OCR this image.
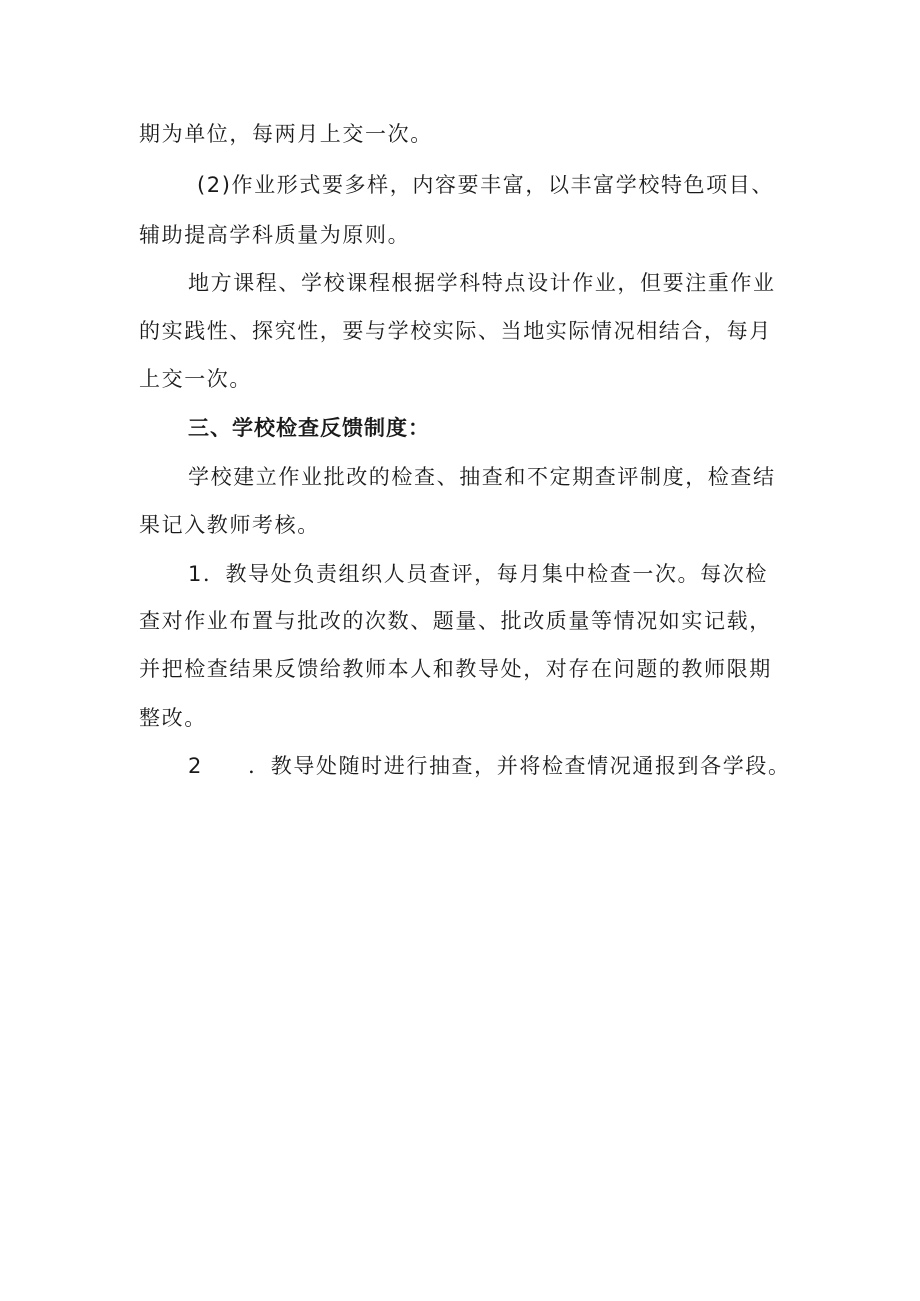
期为单位，每两月上交一次。
(2)作业形式要多样，内容要丰富，以丰富学校特色项目、
辅助提高学科质量为原则。
地方课程、学校课程根据学科特点设计作业，但要注重作业
的实践性、探究性，要与学校实际、当地实际情况相结合，每月
上交一次。
三、学校检查反馈制度：
学校建立作业批改的检查、抽查和不定期查评制度，检查结
果记入教师考核。
1．教导处负责组织人员查评，每月集中检查一次。每次检
查对作业布置与批改的次数、题量、批改质量等情况如实记载，
并把检查结果反馈给教师本人和教导处，对存在问题的教师限期
整改。
2　　．教导处随时进行抽查，并将检查情况通报到各学段。
